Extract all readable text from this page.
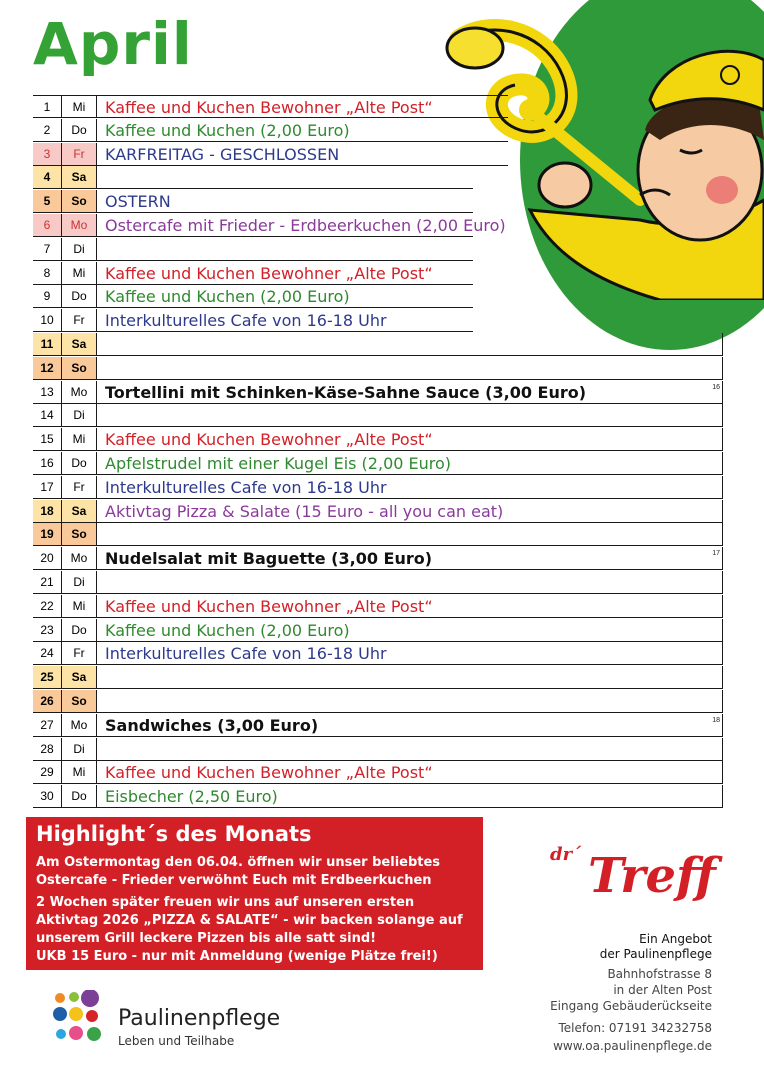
April
1	Mi	Kaffee und Kuchen Bewohner „Alte Post“
2	Do	Kaffee und Kuchen (2,00 Euro)
3	Fr	KARFREITAG - GESCHLOSSEN
4	Sa
5	So	OSTERN
6	Mo	Ostercafe mit Frieder - Erdbeerkuchen (2,00 Euro)
7	Di
8	Mi	Kaffee und Kuchen Bewohner „Alte Post“
9	Do	Kaffee und Kuchen (2,00 Euro)
10	Fr	Interkulturelles Cafe von 16-18 Uhr
11	Sa
12	So
13	Mo	Tortellini mit Schinken-Käse-Sahne Sauce (3,00 Euro)	16
14	Di
15	Mi	Kaffee und Kuchen Bewohner „Alte Post“
16	Do	Apfelstrudel mit einer Kugel Eis (2,00 Euro)
17	Fr	Interkulturelles Cafe von 16-18 Uhr
18	Sa	Aktivtag Pizza & Salate (15 Euro - all you can eat)
19	So
20	Mo	Nudelsalat mit Baguette (3,00 Euro)	17
21	Di
22	Mi	Kaffee und Kuchen Bewohner „Alte Post“
23	Do	Kaffee und Kuchen (2,00 Euro)
24	Fr	Interkulturelles Cafe von 16-18 Uhr
25	Sa
26	So
27	Mo	Sandwiches (3,00 Euro)	18
28	Di
29	Mi	Kaffee und Kuchen Bewohner „Alte Post“
30	Do	Eisbecher (2,50 Euro)
Highlight´s des Monats
Am Ostermontag den 06.04. öffnen wir unser beliebtes
Ostercafe - Frieder verwöhnt Euch mit Erdbeerkuchen
2 Wochen später freuen wir uns auf unseren ersten
Aktivtag 2026 „PIZZA & SALATE“ - wir backen solange auf
unserem Grill leckere Pizzen bis alle satt sind!
UKB 15 Euro - nur mit Anmeldung (wenige Plätze frei!)
dr´ Treff
Ein Angebot
der Paulinenpflege
Bahnhofstrasse 8
in der Alten Post
Eingang Gebäuderückseite
Telefon: 07191 34232758
www.oa.paulinenpflege.de
Paulinenpflege
Leben und Teilhabe
